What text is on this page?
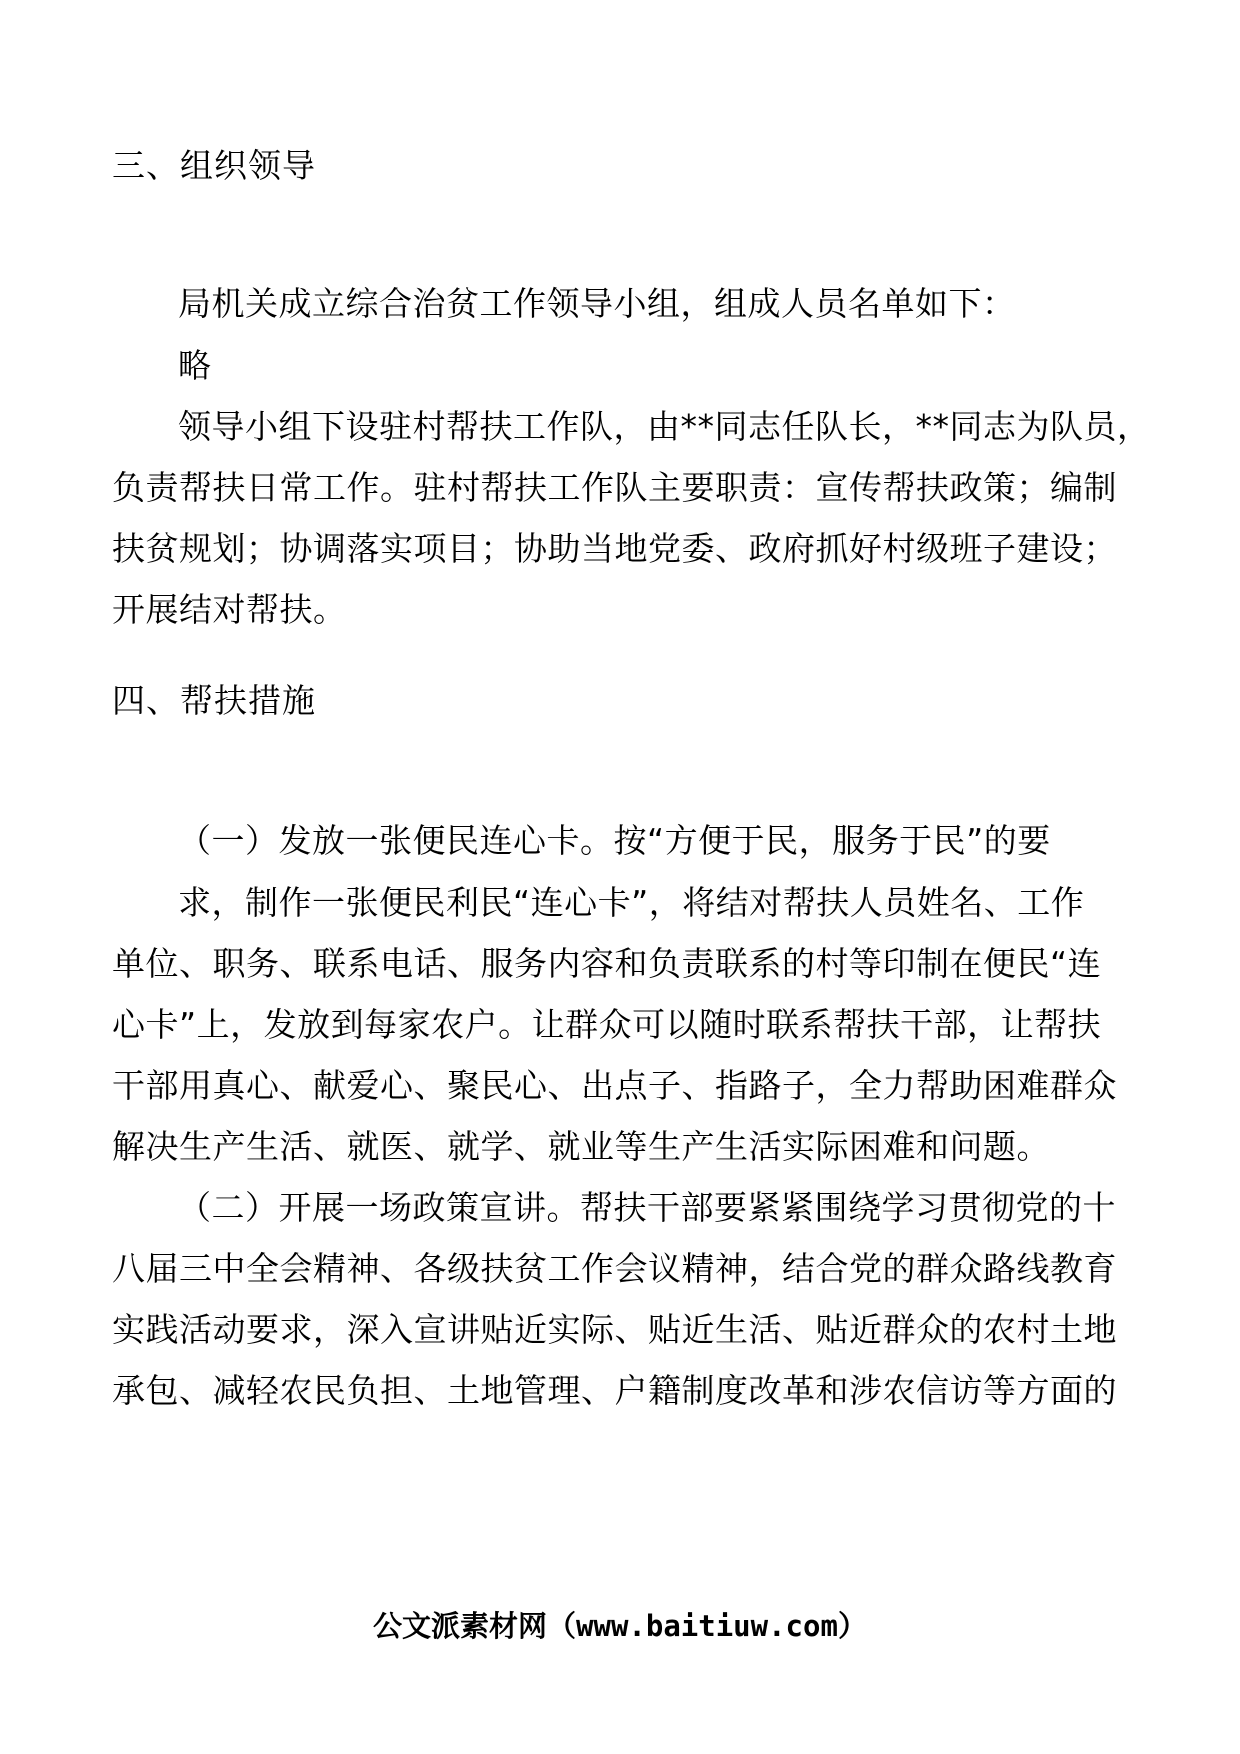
三、组织领导
局机关成立综合治贫工作领导小组，组成人员名单如下：
略
领导小组下设驻村帮扶工作队，由**同志任队长，**同志为队员，
负责帮扶日常工作。驻村帮扶工作队主要职责：宣传帮扶政策；编制
扶贫规划；协调落实项目；协助当地党委、政府抓好村级班子建设；
开展结对帮扶。
四、帮扶措施
（一）发放一张便民连心卡。按“方便于民，服务于民”的要
求，制作一张便民利民“连心卡”，将结对帮扶人员姓名、工作
单位、职务、联系电话、服务内容和负责联系的村等印制在便民“连
心卡”上，发放到每家农户。让群众可以随时联系帮扶干部，让帮扶
干部用真心、献爱心、聚民心、出点子、指路子，全力帮助困难群众
解决生产生活、就医、就学、就业等生产生活实际困难和问题。
（二）开展一场政策宣讲。帮扶干部要紧紧围绕学习贯彻党的十
八届三中全会精神、各级扶贫工作会议精神，结合党的群众路线教育
实践活动要求，深入宣讲贴近实际、贴近生活、贴近群众的农村土地
承包、减轻农民负担、土地管理、户籍制度改革和涉农信访等方面的
公文派素材网（www.baitiuw.com）
